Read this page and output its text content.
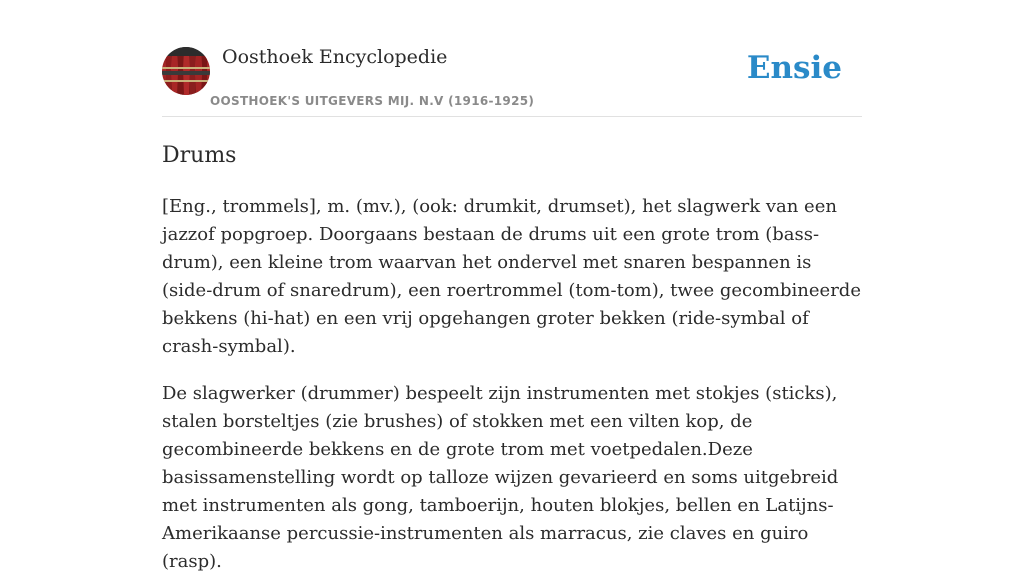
Oosthoek Encyclopedie
OOSTHOEK'S UITGEVERS MIJ. N.V (1916-1925)
Ensie
Drums

[Eng., trommels], m. (mv.), (ook: drumkit, drumset), het slagwerk van een jazzof popgroep. Doorgaans bestaan de drums uit een grote trom (bass-drum), een kleine trom waarvan het ondervel met snaren bespannen is (side-drum of snaredrum), een roertrommel (tom-tom), twee gecombineerde bekkens (hi-hat) en een vrij opgehangen groter bekken (ride-symbal of crash-symbal).

De slagwerker (drummer) bespeelt zijn instrumenten met stokjes (sticks), stalen borsteltjes (zie brushes) of stokken met een vilten kop, de gecombineerde bekkens en de grote trom met voetpedalen.Deze basissamenstelling wordt op talloze wijzen gevarieerd en soms uitgebreid met instrumenten als gong, tamboerijn, houten blokjes, bellen en Latijns-Amerikaanse percussie-instrumenten als marracus, zie claves en guiro (rasp).
